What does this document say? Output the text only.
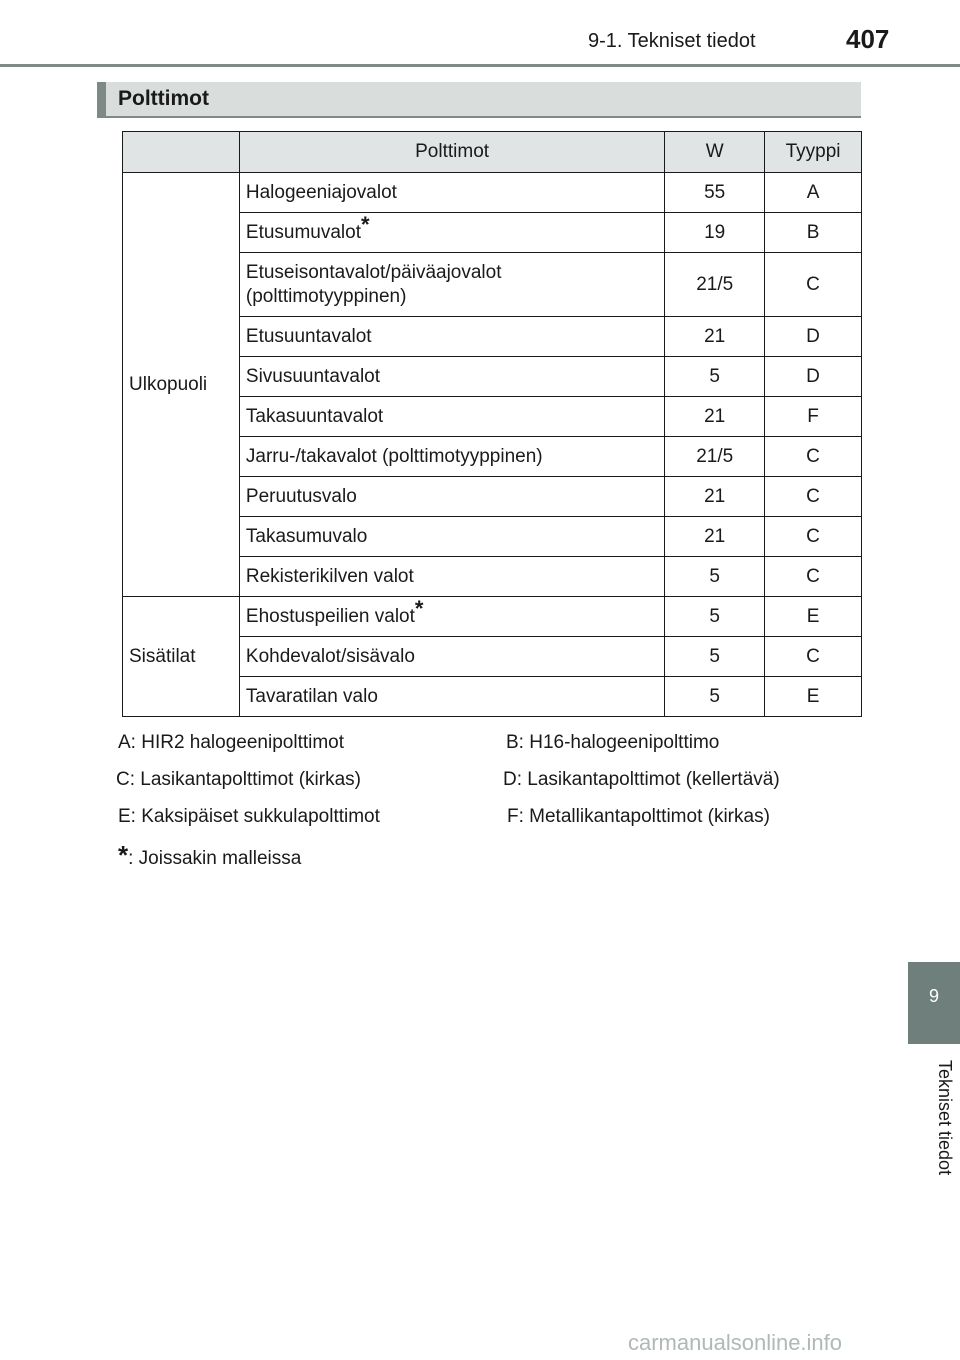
9-1. Tekniset tiedot	407
Polttimot
	Polttimot	W	Tyyppi
Ulkopuoli	Halogeeniajovalot	55	A
	Etusumuvalot*	19	B
	Etuseisontavalot/päiväajovalot
(polttimotyyppinen)	21/5	C
	Etusuuntavalot	21	D
	Sivusuuntavalot	5	D
	Takasuuntavalot	21	F
	Jarru-/takavalot (polttimotyyppinen)	21/5	C
	Peruutusvalo	21	C
	Takasumuvalo	21	C
	Rekisterikilven valot	5	C
Sisätilat	Ehostuspeilien valot*	5	E
	Kohdevalot/sisävalo	5	C
	Tavaratilan valo	5	E
A: HIR2 halogeenipolttimot	B: H16-halogeenipolttimo
C: Lasikantapolttimot (kirkas)	D: Lasikantapolttimot (kellertävä)
E: Kaksipäiset sukkulapolttimot	F: Metallikantapolttimot (kirkas)
*: Joissakin malleissa
9
Tekniset tiedot
carmanualsonline.info
